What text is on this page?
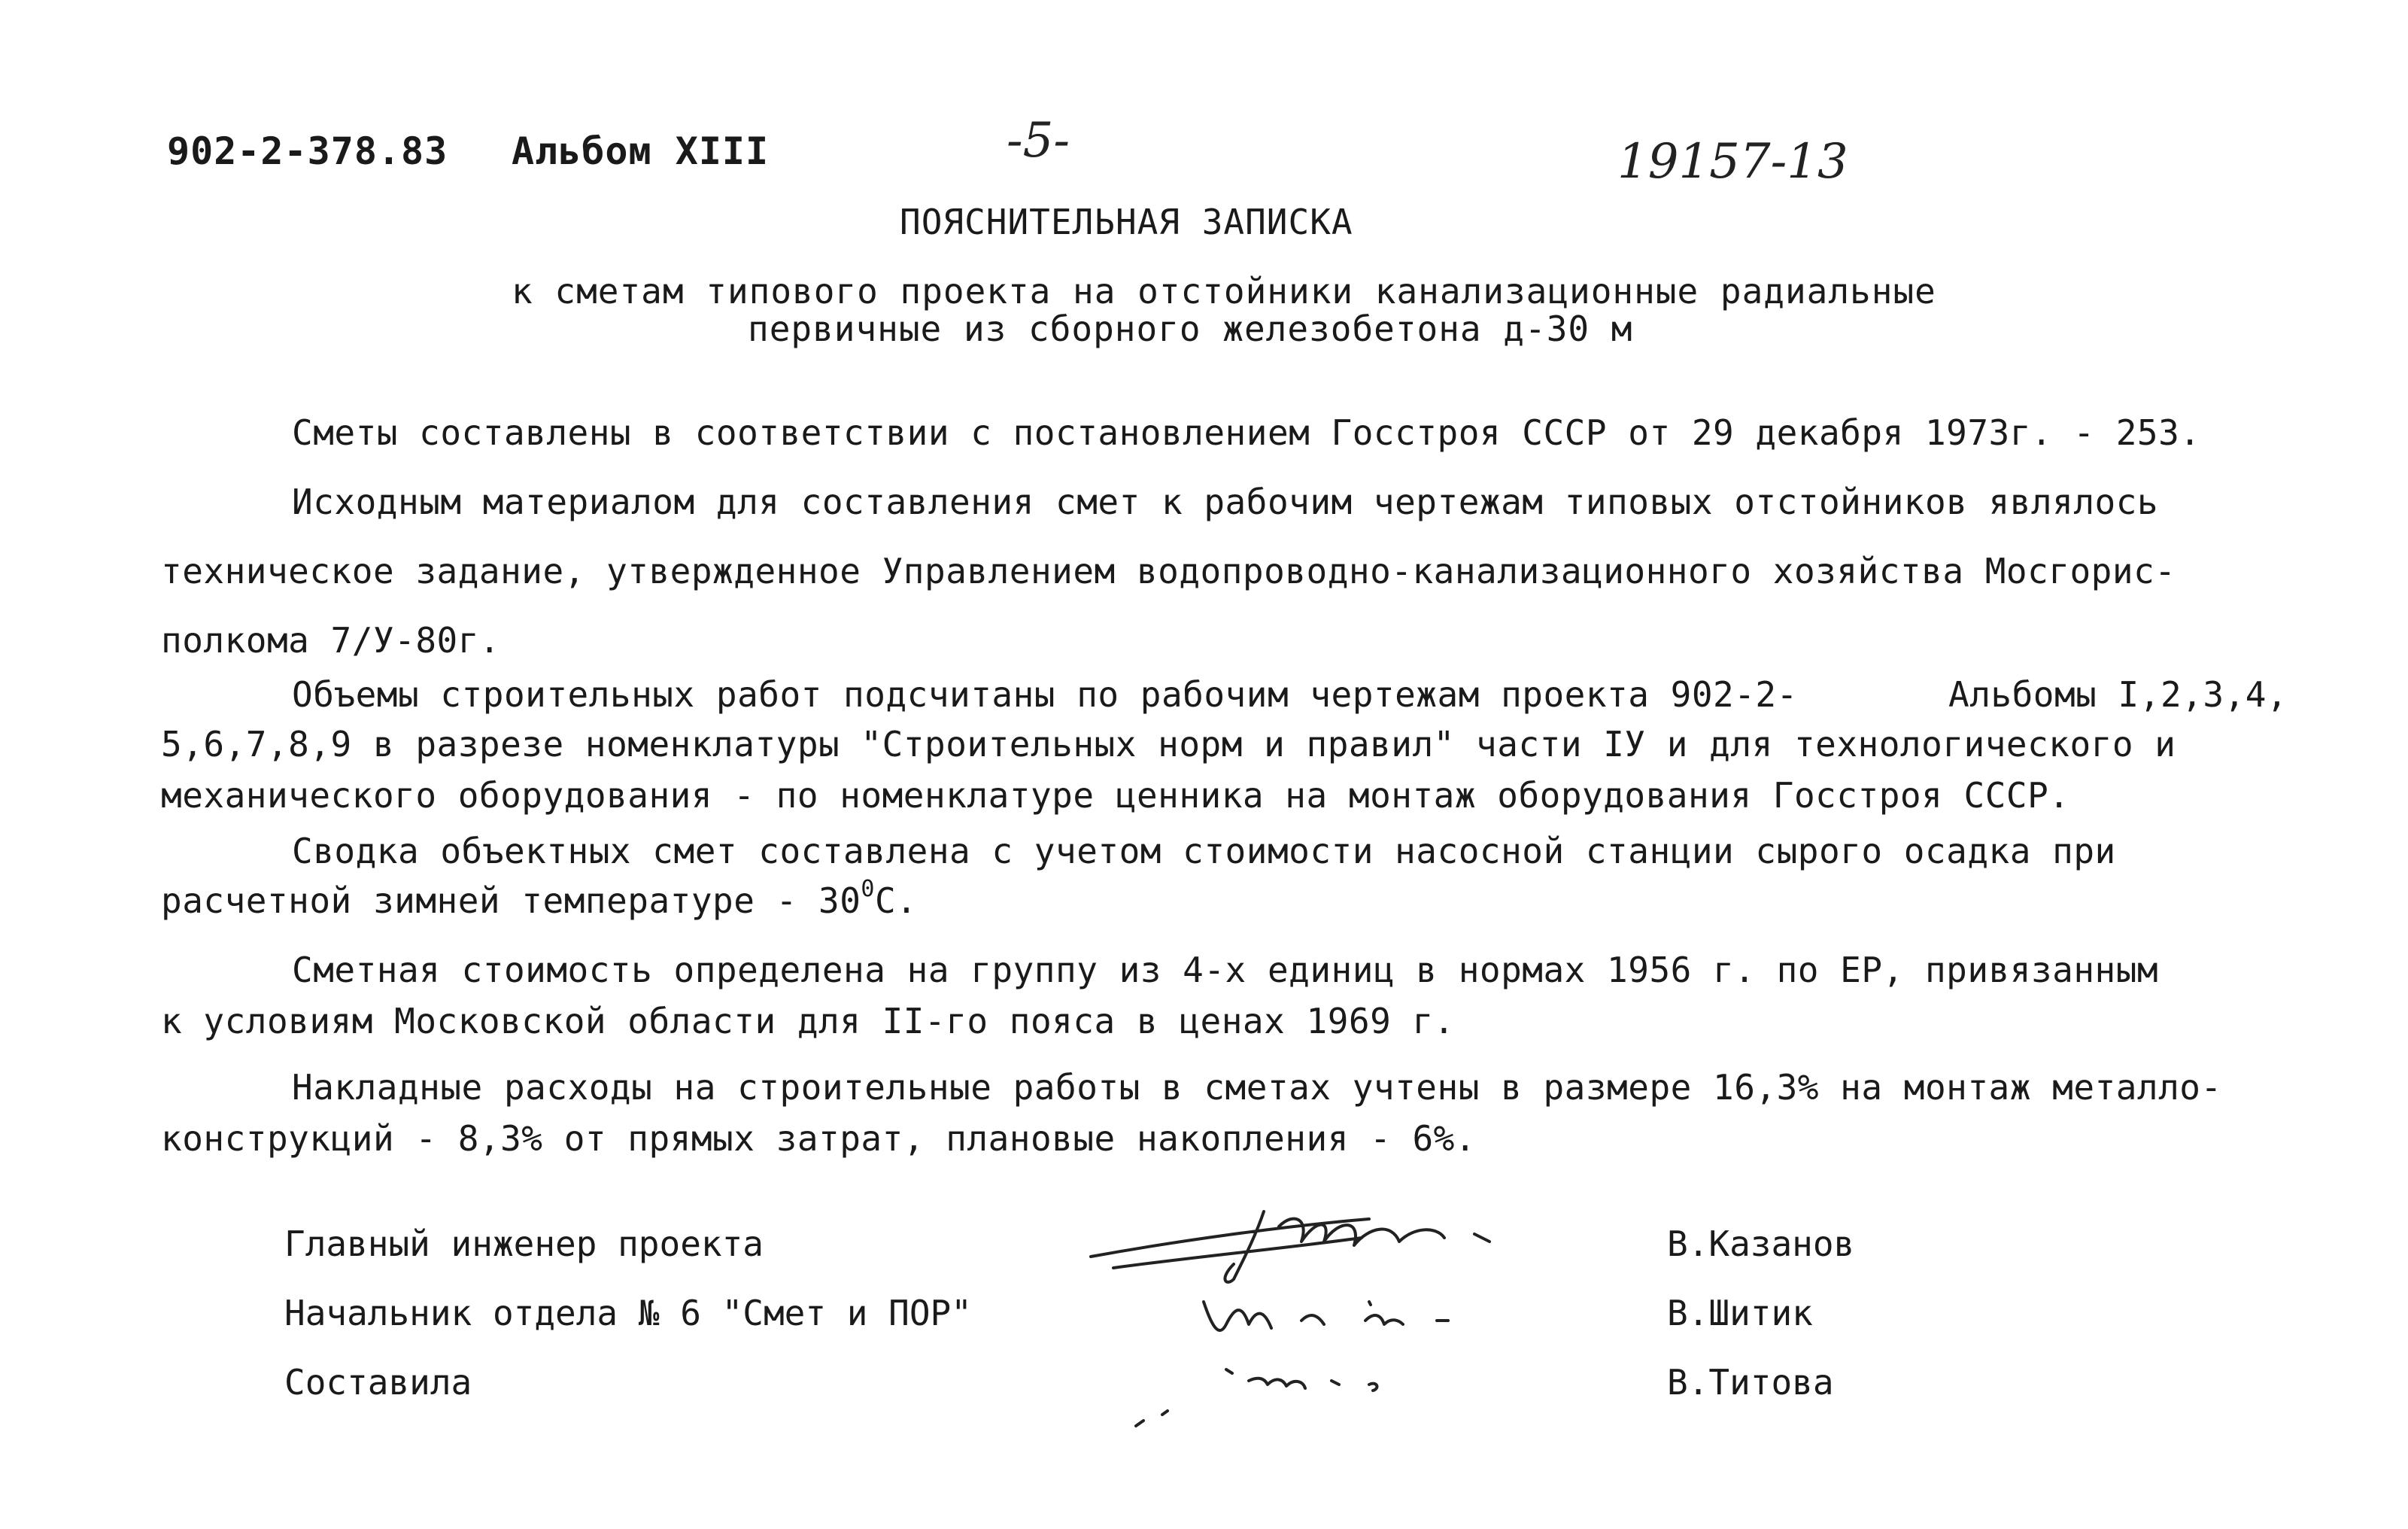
902-2-378.83 Альбом XIII	-5-	19157-13
ПОЯСНИТЕЛЬНАЯ ЗАПИСКА
к сметам типового проекта на отстойники канализационные радиальные
первичные из сборного железобетона д-30 м
Сметы составлены в соответствии с постановлением Госстроя СССР от 29 декабря 1973г. - 253.
Исходным материалом для составления смет к рабочим чертежам типовых отстойников являлось
техническое задание, утвержденное Управлением водопроводно-канализационного хозяйства Мосгорис-
полкома 7/У-80г.
Объемы строительных работ подсчитаны по рабочим чертежам проекта 902-2-	Альбомы I,2,3,4,
5,6,7,8,9 в разрезе номенклатуры "Строительных норм и правил" части IУ и для технологического и
механического оборудования - по номенклатуре ценника на монтаж оборудования Госстроя СССР.
Сводка объектных смет составлена с учетом стоимости насосной станции сырого осадка при
расчетной зимней температуре - $30^0С$.
Сметная стоимость определена на группу из 4-х единиц в нормах 1956 г. по ЕР, привязанным
к условиям Московской области для II-го пояса в ценах 1969 г.
Накладные расходы на строительные работы в сметах учтены в размере 16,3% на монтаж металло-
конструкций - 8,3% от прямых затрат, плановые накопления - 6%.
Главный инженер проекта	В.Казанов
Начальник отдела № 6 "Смет и ПОР"	В.Шитик
Составила	В.Титова
